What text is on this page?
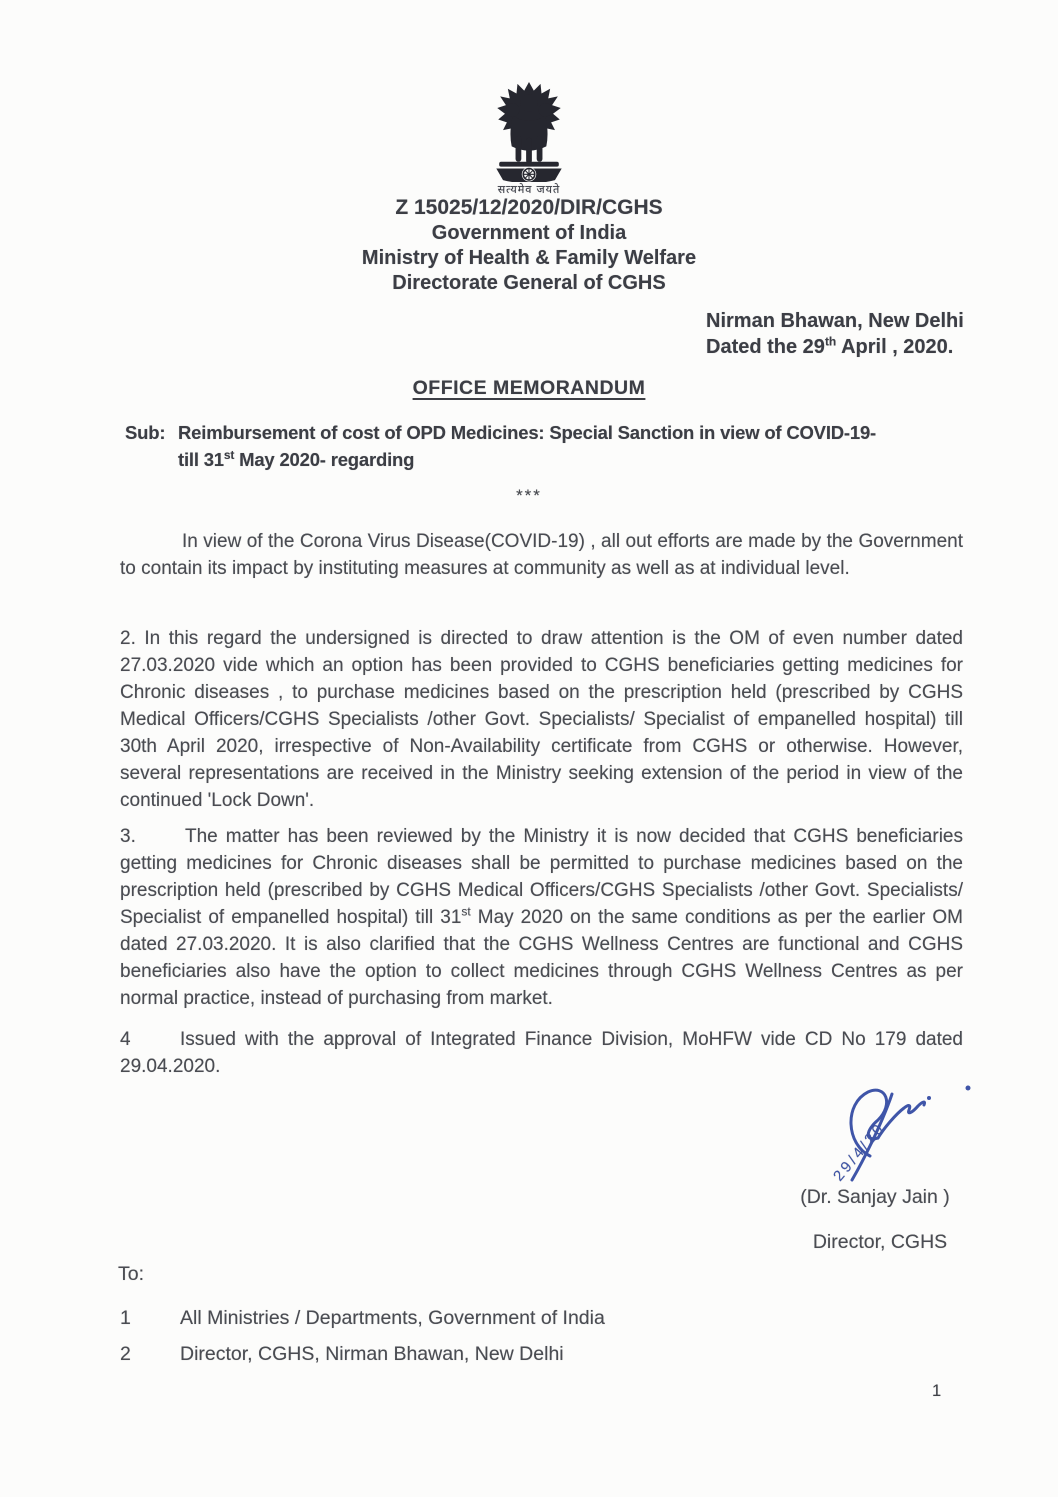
सत्यमेव जयते
Z 15025/12/2020/DIR/CGHS
Government of India
Ministry of Health & Family Welfare
Directorate General of CGHS
Nirman Bhawan, New Delhi
Dated the 29th April , 2020.
OFFICE MEMORANDUM
Sub: Reimbursement of cost of OPD Medicines: Special Sanction in view of COVID-19-
till 31st May 2020- regarding
***

In view of the Corona Virus Disease(COVID-19) , all out efforts are made by the Government to contain its impact by instituting measures at community as well as at individual level.

2. In this regard the undersigned is directed to draw attention is the OM of even number dated 27.03.2020 vide which an option has been provided to CGHS beneficiaries getting medicines for Chronic diseases , to purchase medicines based on the prescription held (prescribed by CGHS Medical Officers/CGHS Specialists /other Govt. Specialists/ Specialist of empanelled hospital) till 30th April 2020, irrespective of Non-Availability certificate from CGHS or otherwise. However, several representations are received in the Ministry seeking extension of the period in view of the continued 'Lock Down'.

3.	The matter has been reviewed by the Ministry it is now decided that CGHS beneficiaries getting medicines for Chronic diseases shall be permitted to purchase medicines based on the prescription held (prescribed by CGHS Medical Officers/CGHS Specialists /other Govt. Specialists/ Specialist of empanelled hospital) till 31st May 2020 on the same conditions as per the earlier OM dated 27.03.2020. It is also clarified that the CGHS Wellness Centres are functional and CGHS beneficiaries also have the option to collect medicines through CGHS Wellness Centres as per normal practice, instead of purchasing from market.

4	Issued with the approval of Integrated Finance Division, MoHFW vide CD No 179 dated 29.04.2020.

29/4/20
(Dr. Sanjay Jain )
Director, CGHS
To:
1	All Ministries / Departments, Government of India
2	Director, CGHS, Nirman Bhawan, New Delhi
1
